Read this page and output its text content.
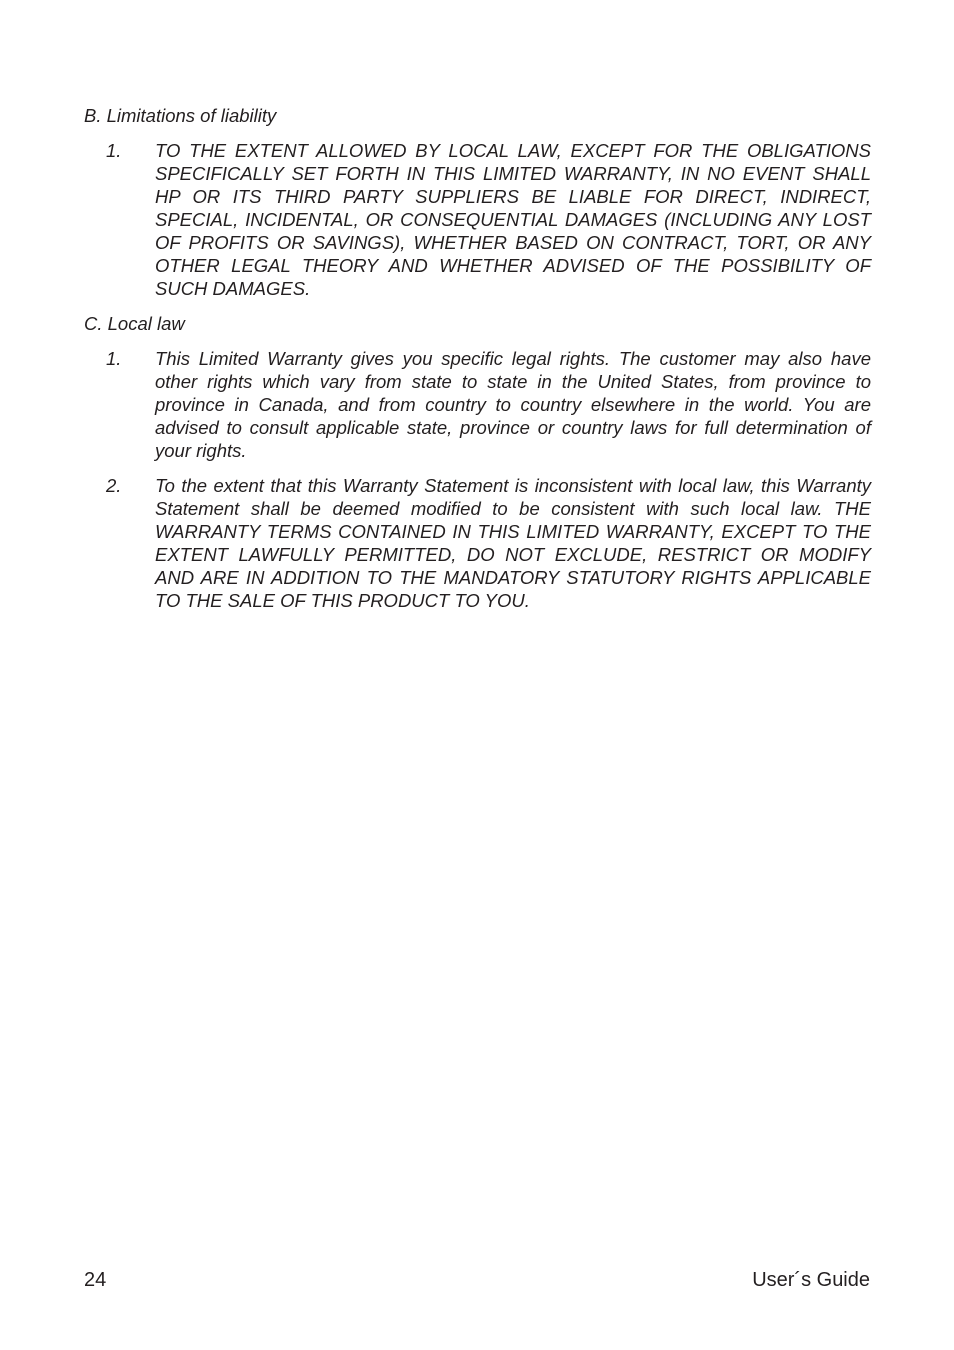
B. Limitations of liability

1. TO THE EXTENT ALLOWED BY LOCAL LAW, EXCEPT FOR THE OBLIGATIONS SPECIFICALLY SET FORTH IN THIS LIMITED WARRANTY, IN NO EVENT SHALL HP OR ITS THIRD PARTY SUPPLIERS BE LIABLE FOR DIRECT, INDIRECT, SPECIAL, INCIDENTAL, OR CONSEQUENTIAL DAMAGES (INCLUDING ANY LOST OF PROFITS OR SAVINGS), WHETHER BASED ON CONTRACT, TORT, OR ANY OTHER LEGAL THEORY AND WHETHER ADVISED OF THE POSSIBILITY OF SUCH DAMAGES.

C. Local law

1. This Limited Warranty gives you specific legal rights. The customer may also have other rights which vary from state to state in the United States, from province to province in Canada, and from country to country elsewhere in the world. You are advised to consult applicable state, province or country laws for full determination of your rights.
2. To the extent that this Warranty Statement is inconsistent with local law, this Warranty Statement shall be deemed modified to be consistent with such local law. THE WARRANTY TERMS CONTAINED IN THIS LIMITED WARRANTY, EXCEPT TO THE EXTENT LAWFULLY PERMITTED, DO NOT EXCLUDE, RESTRICT OR MODIFY AND ARE IN ADDITION TO THE MANDATORY STATUTORY RIGHTS APPLICABLE TO THE SALE OF THIS PRODUCT TO YOU.
24	User´s Guide
